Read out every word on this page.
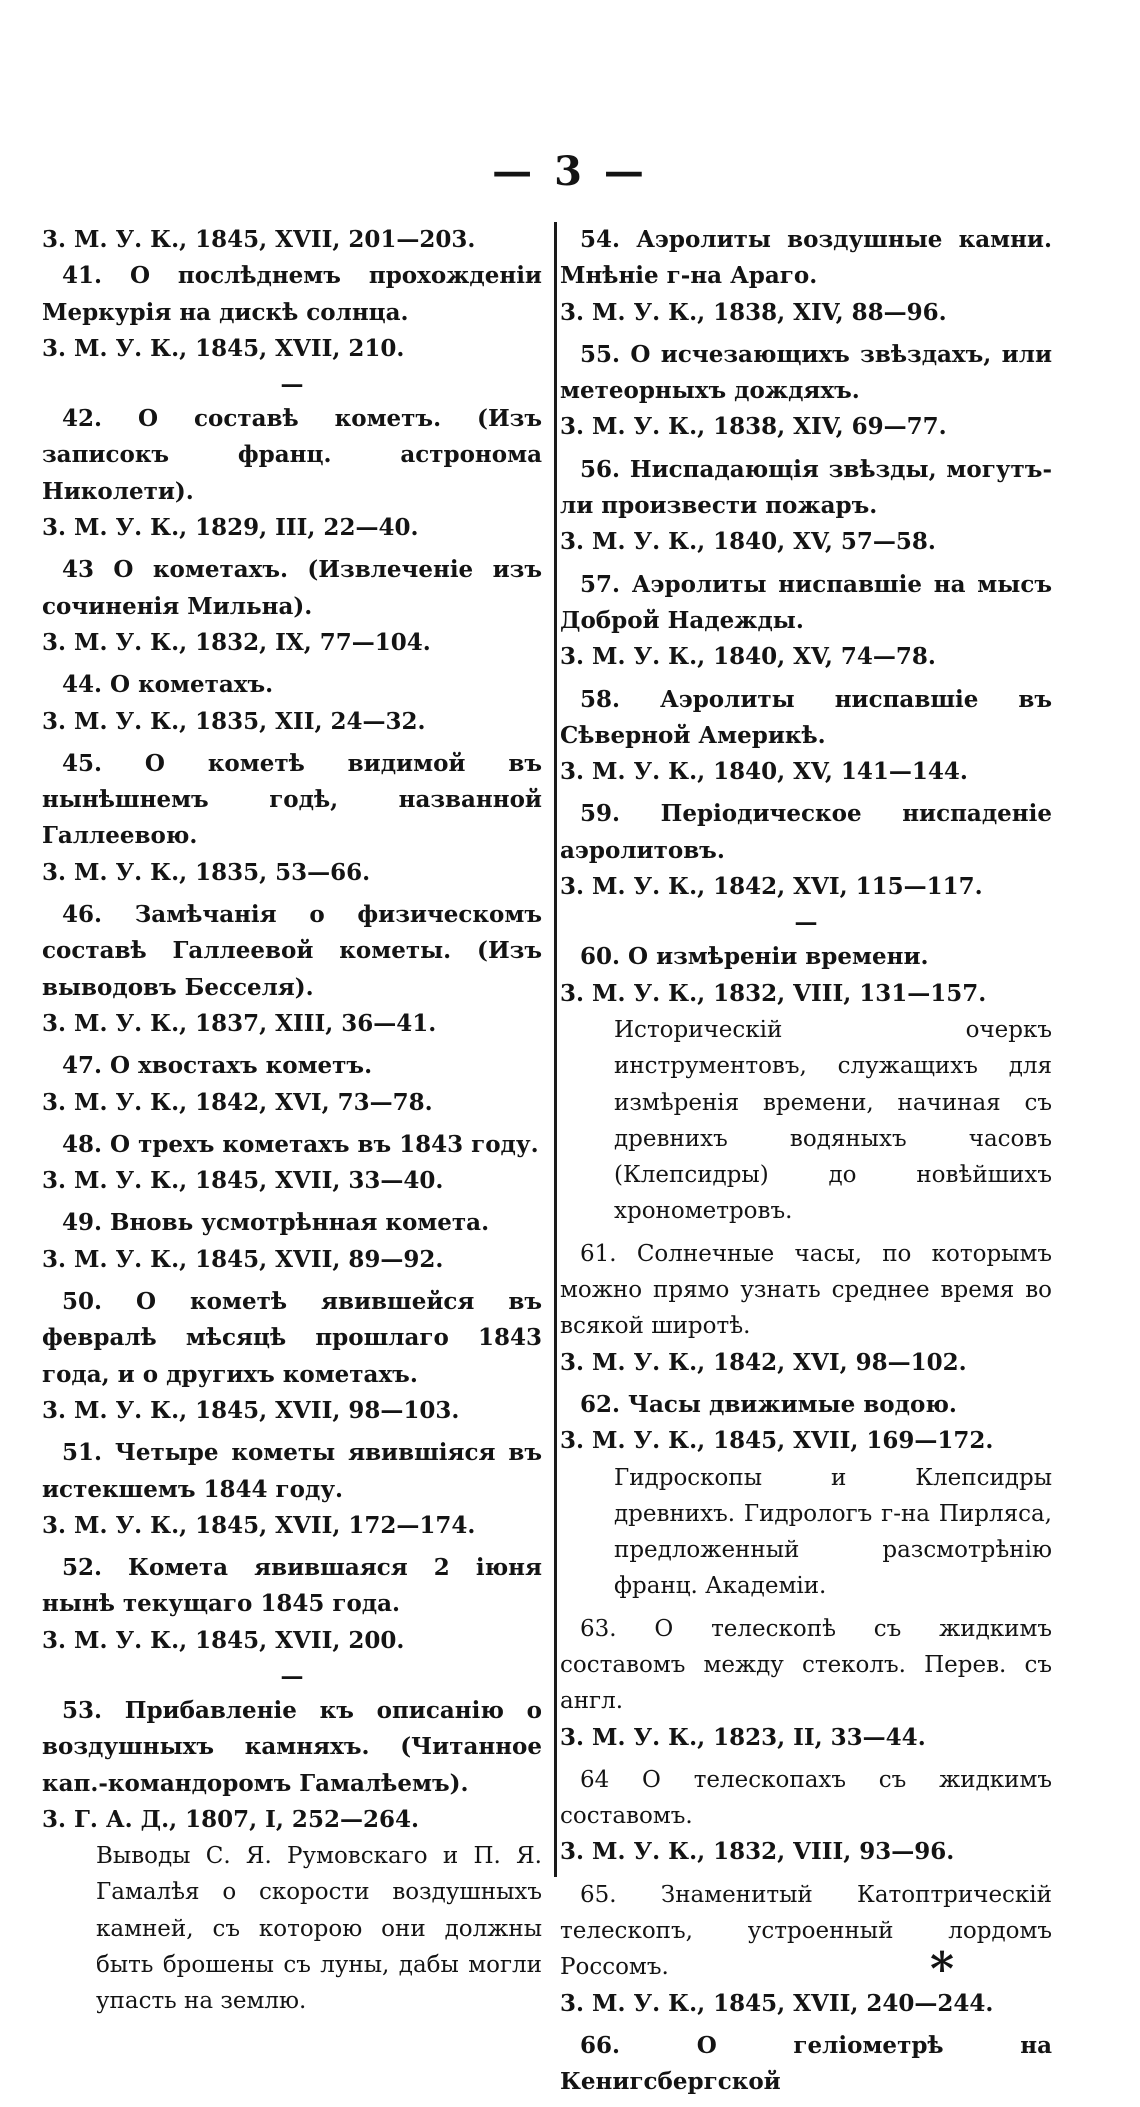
— 3 —
3. М. У. К., 1845, XVII, 201—203.
41. О послѣднемъ прохожденіи Меркурія на дискѣ солнца.
3. М. У. К., 1845, XVII, 210.
—
42. О составѣ кометъ. (Изъ записокъ франц. астронома Николети).
3. М. У. К., 1829, III, 22—40.
43 О кометахъ. (Извлеченіе изъ сочиненія Мильна).
3. М. У. К., 1832, IX, 77—104.
44. О кометахъ.
3. М. У. К., 1835, XII, 24—32.
45. О кометѣ видимой въ нынѣшнемъ годѣ, названной Галлеевою.
3. М. У. К., 1835, 53—66.
46. Замѣчанія о физическомъ составѣ Галлеевой кометы. (Изъ выводовъ Бесселя).
3. М. У. К., 1837, XIII, 36—41.
47. О хвостахъ кометъ.
3. М. У. К., 1842, XVI, 73—78.
48. О трехъ кометахъ въ 1843 году.
3. М. У. К., 1845, XVII, 33—40.
49. Вновь усмотрѣнная комета.
3. М. У. К., 1845, XVII, 89—92.
50. О кометѣ явившейся въ февралѣ мѣсяцѣ прошлаго 1843 года, и о другихъ кометахъ.
3. М. У. К., 1845, XVII, 98—103.
51. Четыре кометы явившіяся въ истекшемъ 1844 году.
3. М. У. К., 1845, XVII, 172—174.
52. Комета явившаяся 2 іюня нынѣ текущаго 1845 года.
3. М. У. К., 1845, XVII, 200.
—
53. Прибавленіе къ описанію о воздушныхъ камняхъ. (Читанное кап.-командоромъ Гамалѣемъ).
3. Г. А. Д., 1807, I, 252—264.
Выводы С. Я. Румовскаго и П. Я. Гамалѣя о скорости воздушныхъ камней, съ которою они должны быть брошены съ луны, дабы могли упасть на землю.
54. Аэролиты воздушные камни. Мнѣніе г-на Араго.
3. М. У. К., 1838, XIV, 88—96.
55. О исчезающихъ звѣздахъ, или метеорныхъ дождяхъ.
3. М. У. К., 1838, XIV, 69—77.
56. Ниспадающія звѣзды, могутъ-ли произвести пожаръ.
3. М. У. К., 1840, XV, 57—58.
57. Аэролиты ниспавшіе на мысъ Доброй Надежды.
3. М. У. К., 1840, XV, 74—78.
58. Аэролиты ниспавшіе въ Сѣверной Америкѣ.
3. М. У. К., 1840, XV, 141—144.
59. Періодическое ниспаденіе аэролитовъ.
3. М. У. К., 1842, XVI, 115—117.
—
60. О измѣреніи времени.
3. М. У. К., 1832, VIII, 131—157.
Историческій очеркъ инструментовъ, служащихъ для измѣренія времени, начиная съ древнихъ водяныхъ часовъ (Клепсидры) до новѣйшихъ хронометровъ.
61. Солнечные часы, по которымъ можно прямо узнать среднее время во всякой широтѣ.
3. М. У. К., 1842, XVI, 98—102.
62. Часы движимые водою.
3. М. У. К., 1845, XVII, 169—172.
Гидроскопы и Клепсидры древнихъ. Гидрологъ г-на Пирляса, предложенный разсмотрѣнію франц. Академіи.
63. О телескопѣ съ жидкимъ составомъ между стеколъ. Перев. съ англ.
3. М. У. К., 1823, II, 33—44.
64 О телескопахъ съ жидкимъ составомъ.
3. М. У. К., 1832, VIII, 93—96.
65. Знаменитый Катоптрическій телескопъ, устроенный лордомъ Россомъ.
3. М. У. К., 1845, XVII, 240—244.
66. О геліометрѣ на Кенигсбергской
*
